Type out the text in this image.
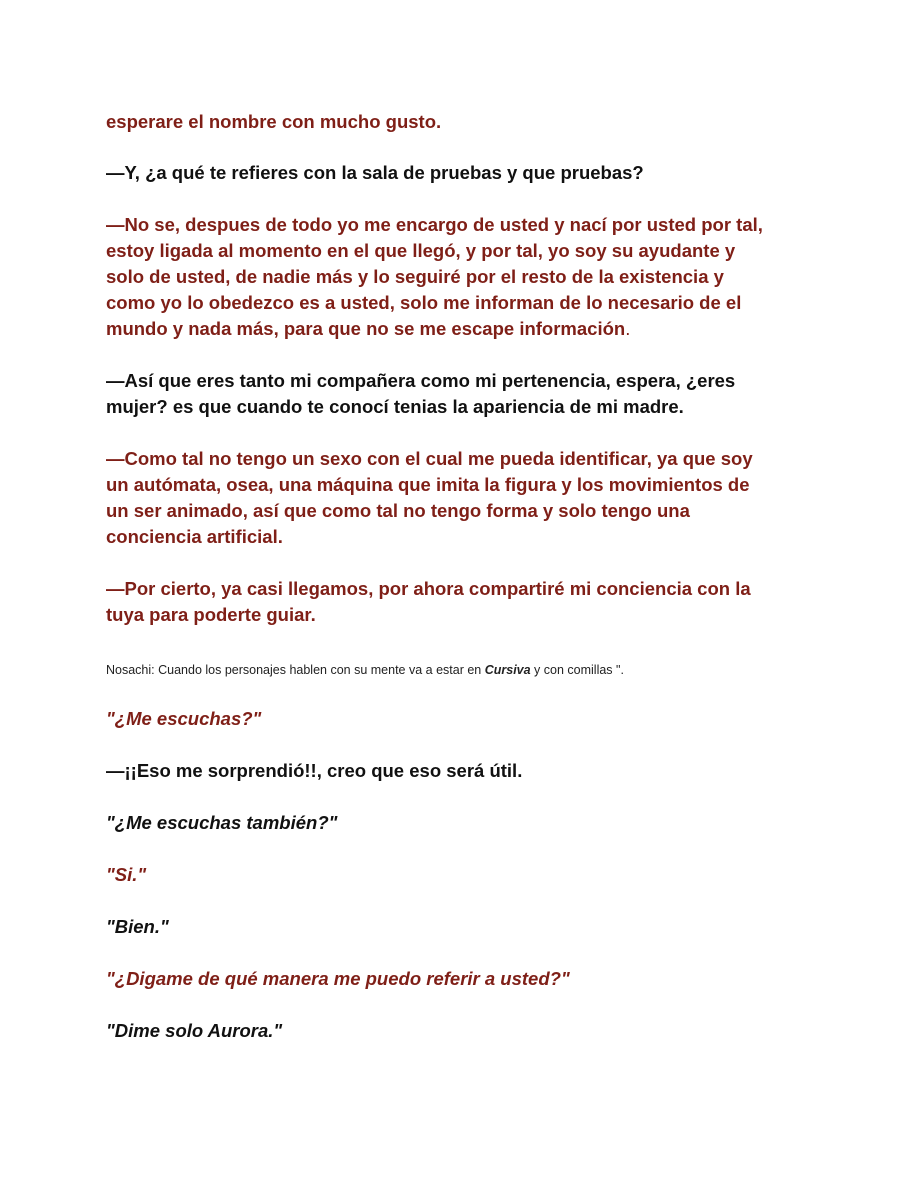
esperare el nombre con mucho gusto.

—Y, ¿a qué te refieres con la sala de pruebas y que pruebas?

—No se, despues de todo yo me encargo de usted y nací por usted por tal,
estoy ligada al momento en el que llegó, y por tal, yo soy su ayudante y
solo de usted, de nadie más y lo seguiré por el resto de la existencia y
como yo lo obedezco es a usted, solo me informan de lo necesario de el
mundo y nada más, para que no se me escape información.

—Así que eres tanto mi compañera como mi pertenencia, espera, ¿eres
mujer? es que cuando te conocí tenias la apariencia de mi madre.

—Como tal no tengo un sexo con el cual me pueda identificar, ya que soy
un autómata, osea, una máquina que imita la figura y los movimientos de
un ser animado, así que como tal no tengo forma y solo tengo una
conciencia artificial.

—Por cierto, ya casi llegamos, por ahora compartiré mi conciencia con la
tuya para poderte guiar.

Nosachi: Cuando los personajes hablen con su mente va a estar en Cursiva y con comillas ".

"¿Me escuchas?"

—¡¡Eso me sorprendió!!, creo que eso será útil.

"¿Me escuchas también?"

"Si."

"Bien."

"¿Digame de qué manera me puedo referir a usted?"

"Dime solo Aurora."
